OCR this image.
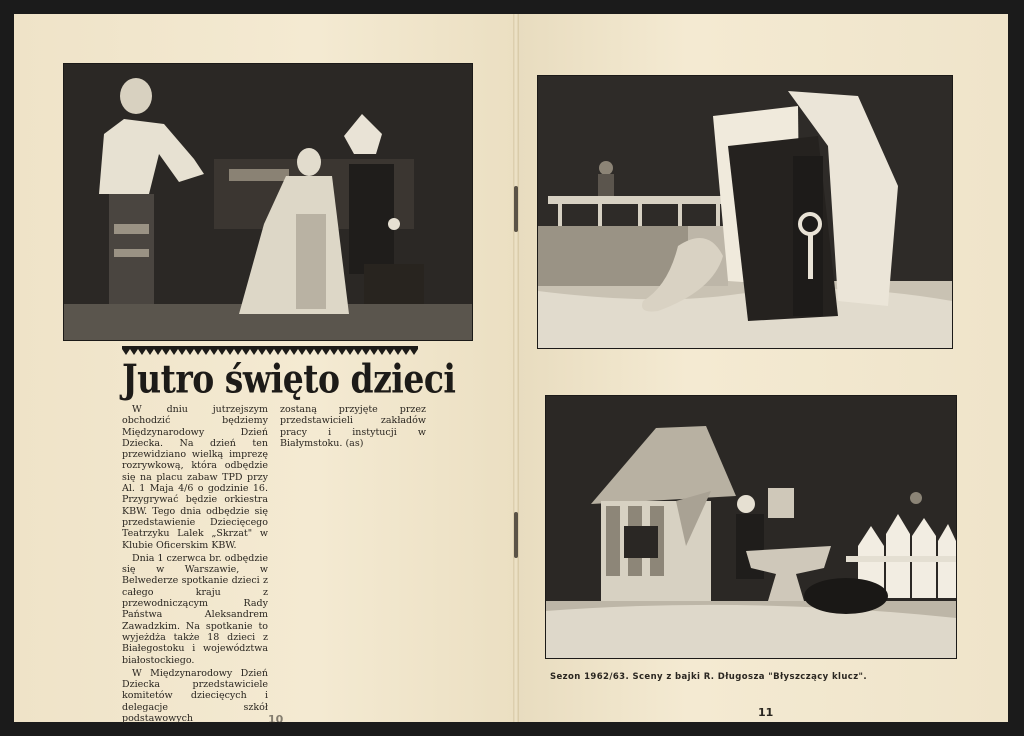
Jutro święto dzieci

W dniu jutrzejszym obchodzić będziemy Międzynarodowy Dzień Dziecka. Na dzień ten przewidziano wielką imprezę rozrywkową, która odbędzie się na placu zabaw TPD przy Al. 1 Maja 4/6 o godzinie 16. Przygrywać będzie orkiestra KBW. Tego dnia odbędzie się przedstawienie Dziecięcego Teatrzyku Lalek „Skrzat" w Klubie Oficerskim KBW.

Dnia 1 czerwca br. odbędzie się w Warszawie, w Belwederze spotkanie dzieci z całego kraju z przewodniczącym Rady Państwa Aleksandrem Zawadzkim. Na spotkanie to wyjeżdża także 18 dzieci z Białegostoku i województwa białostockiego.

W Międzynarodowy Dzień Dziecka przedstawiciele komitetów dziecięcych i delegacje szkół podstawowych

zostaną przyjęte przez przedstawicieli zakładów pracy i instytucji w Białymstoku. (as)

Sezon 1962/63. Sceny z bajki R. Długosza "Błyszczący klucz".
10
11
